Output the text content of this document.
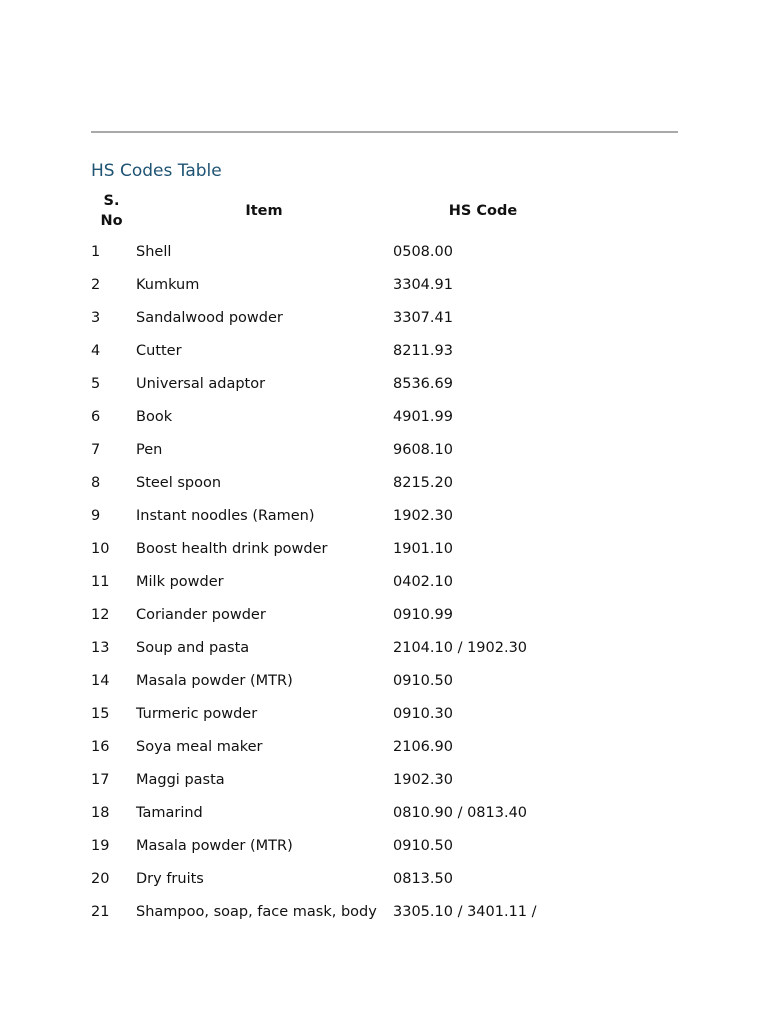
HS Codes Table
S. No	Item	HS Code
1	Shell	0508.00
2	Kumkum	3304.91
3	Sandalwood powder	3307.41
4	Cutter	8211.93
5	Universal adaptor	8536.69
6	Book	4901.99
7	Pen	9608.10
8	Steel spoon	8215.20
9	Instant noodles (Ramen)	1902.30
10	Boost health drink powder	1901.10
11	Milk powder	0402.10
12	Coriander powder	0910.99
13	Soup and pasta	2104.10 / 1902.30
14	Masala powder (MTR)	0910.50
15	Turmeric powder	0910.30
16	Soya meal maker	2106.90
17	Maggi pasta	1902.30
18	Tamarind	0810.90 / 0813.40
19	Masala powder (MTR)	0910.50
20	Dry fruits	0813.50
21	Shampoo, soap, face mask, body	3305.10 / 3401.11 /
